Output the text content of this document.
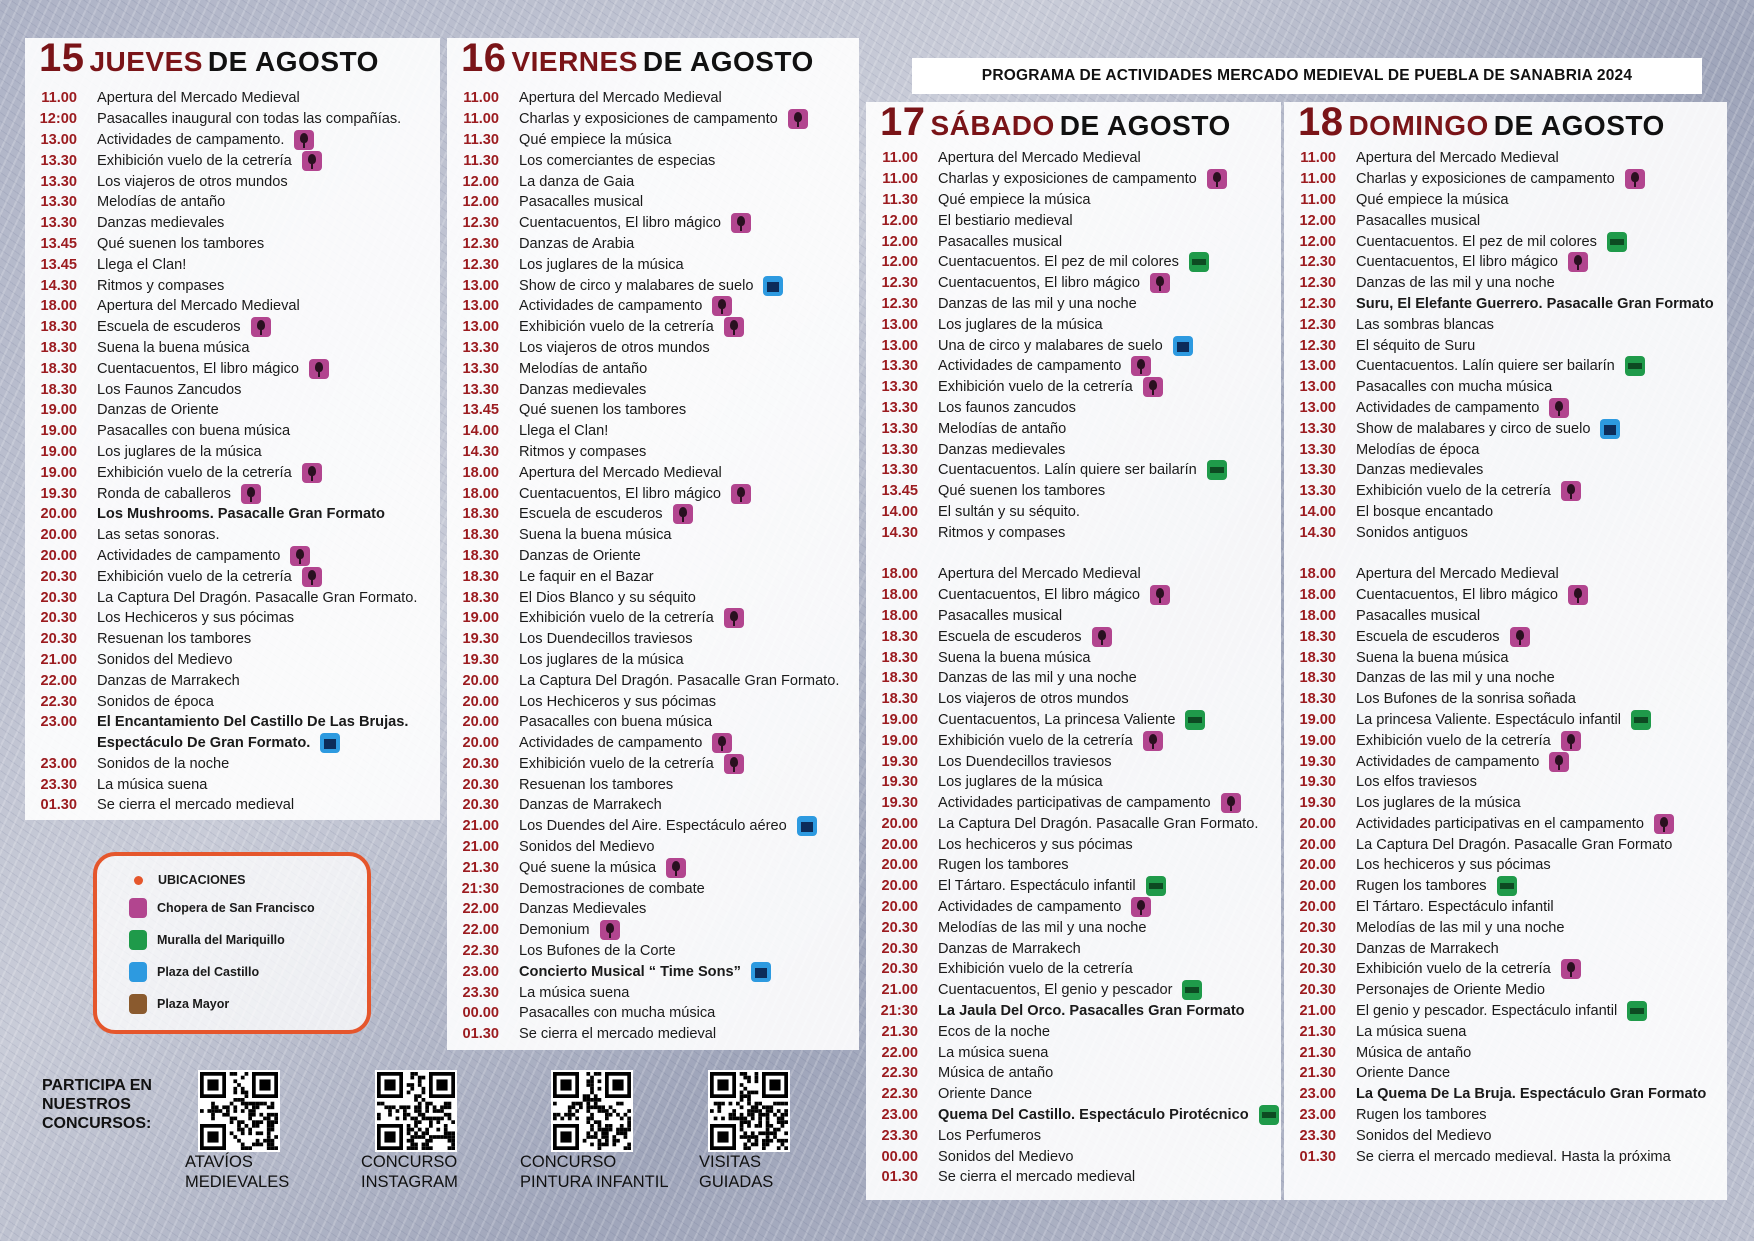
15 JUEVES DE AGOSTO
11.00	Apertura del Mercado Medieval
12:00	Pasacalles inaugural con todas las compañías.
13.00	Actividades de campamento.
13.30	Exhibición vuelo de la cetrería
13.30	Los viajeros de otros mundos
13.30	Melodías de antaño
13.30	Danzas medievales
13.45	Qué suenen los tambores
13.45	Llega el Clan!
14.30	Ritmos y compases
18.00	Apertura del Mercado Medieval
18.30	Escuela de escuderos
18.30	Suena la buena música
18.30	Cuentacuentos, El libro mágico
18.30	Los Faunos Zancudos
19.00	Danzas de Oriente
19.00	Pasacalles con buena música
19.00	Los juglares de la música
19.00	Exhibición vuelo de la cetrería
19.30	Ronda de caballeros
20.00	Los Mushrooms. Pasacalle Gran Formato
20.00	Las setas sonoras.
20.00	Actividades de campamento
20.30	Exhibición vuelo de la cetrería
20.30	La Captura Del Dragón. Pasacalle Gran Formato.
20.30	Los Hechiceros y sus pócimas
20.30	Resuenan los tambores
21.00	Sonidos del Medievo
22.00	Danzas de Marrakech
22.30	Sonidos de época
23.00	El Encantamiento Del Castillo De Las Brujas.
Espectáculo De Gran Formato.
23.00	Sonidos de la noche
23.30	La música suena
01.30	Se cierra el mercado medieval
16 VIERNES DE AGOSTO
11.00	Apertura del Mercado Medieval
11.00	Charlas y exposiciones de campamento
11.30	Qué empiece la música
11.30	Los comerciantes de especias
12.00	La danza de Gaia
12.00	Pasacalles musical
12.30	Cuentacuentos, El libro mágico
12.30	Danzas de Arabia
12.30	Los juglares de la música
13.00	Show de circo y malabares de suelo
13.00	Actividades de campamento
13.00	Exhibición vuelo de la cetrería
13.30	Los viajeros de otros mundos
13.30	Melodías de antaño
13.30	Danzas medievales
13.45	Qué suenen los tambores
14.00	Llega el Clan!
14.30	Ritmos y compases
18.00	Apertura del Mercado Medieval
18.00	Cuentacuentos, El libro mágico
18.30	Escuela de escuderos
18.30	Suena la buena música
18.30	Danzas de Oriente
18.30	Le faquir en el Bazar
18.30	El Dios Blanco y su séquito
19.00	Exhibición vuelo de la cetrería
19.30	Los Duendecillos traviesos
19.30	Los juglares de la música
20.00	La Captura Del Dragón. Pasacalle Gran Formato.
20.00	Los Hechiceros y sus pócimas
20.00	Pasacalles con buena música
20.00	Actividades de campamento
20.30	Exhibición vuelo de la cetrería
20.30	Resuenan los tambores
20.30	Danzas de Marrakech
21.00	Los Duendes del Aire. Espectáculo aéreo
21.00	Sonidos del Medievo
21.30	Qué suene la música
21:30	Demostraciones de combate
22.00	Danzas Medievales
22.00	Demonium
22.30	Los Bufones de la Corte
23.00	Concierto Musical “ Time Sons”
23.30	La música suena
00.00	Pasacalles con mucha música
01.30	Se cierra el mercado medieval
17 SÁBADO DE AGOSTO
11.00	Apertura del Mercado Medieval
11.00	Charlas y exposiciones de campamento
11.30	Qué empiece la música
12.00	El bestiario medieval
12.00	Pasacalles musical
12.00	Cuentacuentos. El pez de mil colores
12.30	Cuentacuentos, El libro mágico
12.30	Danzas de las mil y una noche
13.00	Los juglares de la música
13.00	Una de circo y malabares de suelo
13.30	Actividades de campamento
13.30	Exhibición vuelo de la cetrería
13.30	Los faunos zancudos
13.30	Melodías de antaño
13.30	Danzas medievales
13.30	Cuentacuentos. Lalín quiere ser bailarín
13.45	Qué suenen los tambores
14.00	El sultán y su séquito.
14.30	Ritmos y compases
18.00	Apertura del Mercado Medieval
18.00	Cuentacuentos, El libro mágico
18.00	Pasacalles musical
18.30	Escuela de escuderos
18.30	Suena la buena música
18.30	Danzas de las mil y una noche
18.30	Los viajeros de otros mundos
19.00	Cuentacuentos, La princesa Valiente
19.00	Exhibición vuelo de la cetrería
19.30	Los Duendecillos traviesos
19.30	Los juglares de la música
19.30	Actividades participativas de campamento
20.00	La Captura Del Dragón. Pasacalle Gran Formato.
20.00	Los hechiceros y sus pócimas
20.00	Rugen los tambores
20.00	El Tártaro. Espectáculo infantil
20.00	Actividades de campamento
20.30	Melodías de las mil y una noche
20.30	Danzas de Marrakech
20.30	Exhibición vuelo de la cetrería
21.00	Cuentacuentos, El genio y pescador
21:30	La Jaula Del Orco. Pasacalles Gran Formato
21.30	Ecos de la noche
22.00	La música suena
22.30	Música de antaño
22.30	Oriente Dance
23.00	Quema Del Castillo. Espectáculo Pirotécnico
23.30	Los Perfumeros
00.00	Sonidos del Medievo
01.30	Se cierra el mercado medieval
18 DOMINGO DE AGOSTO
11.00	Apertura del Mercado Medieval
11.00	Charlas y exposiciones de campamento
11.00	Qué empiece la música
12.00	Pasacalles musical
12.00	Cuentacuentos. El pez de mil colores
12.30	Cuentacuentos, El libro mágico
12.30	Danzas de las mil y una noche
12.30	Suru, El Elefante Guerrero. Pasacalle Gran Formato
12.30	Las sombras blancas
12.30	El séquito de Suru
13.00	Cuentacuentos. Lalín quiere ser bailarín
13.00	Pasacalles con mucha música
13.00	Actividades de campamento
13.30	Show de malabares y circo de suelo
13.30	Melodías de época
13.30	Danzas medievales
13.30	Exhibición vuelo de la cetrería
14.00	El bosque encantado
14.30	Sonidos antiguos
18.00	Apertura del Mercado Medieval
18.00	Cuentacuentos, El libro mágico
18.00	Pasacalles musical
18.30	Escuela de escuderos
18.30	Suena la buena música
18.30	Danzas de las mil y una noche
18.30	Los Bufones de la sonrisa soñada
19.00	La princesa Valiente. Espectáculo infantil
19.00	Exhibición vuelo de la cetrería
19.30	Actividades de campamento
19.30	Los elfos traviesos
19.30	Los juglares de la música
20.00	Actividades participativas en el campamento
20.00	La Captura Del Dragón. Pasacalle Gran Formato
20.00	Los hechiceros y sus pócimas
20.00	Rugen los tambores
20.00	El Tártaro. Espectáculo infantil
20.30	Melodías de las mil y una noche
20.30	Danzas de Marrakech
20.30	Exhibición vuelo de la cetrería
20.30	Personajes de Oriente Medio
21.00	El genio y pescador. Espectáculo infantil
21.30	La música suena
21.30	Música de antaño
21.30	Oriente Dance
23.00	La Quema De La Bruja. Espectáculo Gran Formato
23.00	Rugen los tambores
23.30	Sonidos del Medievo
01.30	Se cierra el mercado medieval. Hasta la próxima
PROGRAMA DE ACTIVIDADES MERCADO MEDIEVAL DE PUEBLA DE SANABRIA 2024
UBICACIONES
Chopera de San Francisco
Muralla del Mariquillo
Plaza del Castillo
Plaza Mayor
PARTICIPA EN
NUESTROS
CONCURSOS:
ATAVÍOS
MEDIEVALES
CONCURSO
INSTAGRAM
CONCURSO
PINTURA INFANTIL
VISITAS
GUIADAS
